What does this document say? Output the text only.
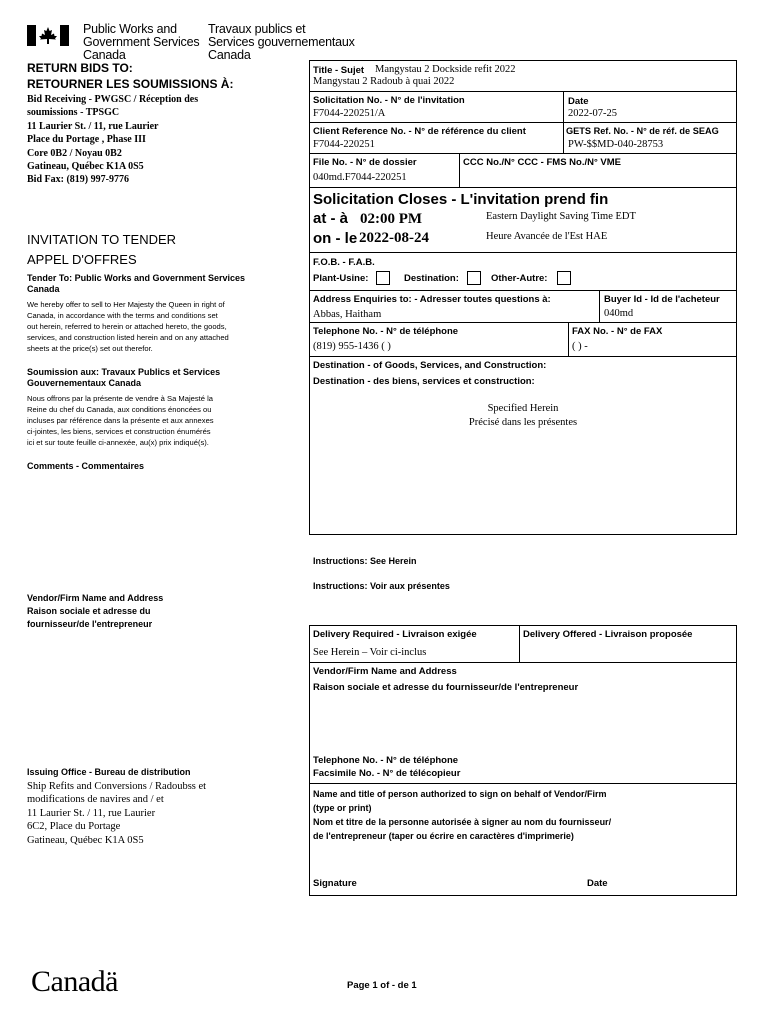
Public Works and
Government Services
Canada
Travaux publics et
Services gouvernementaux
Canada
RETURN BIDS TO:
RETOURNER LES SOUMISSIONS À:
Bid Receiving - PWGSC / Réception des
soumissions - TPSGC
11 Laurier St. / 11, rue Laurier
Place du Portage , Phase III
Core 0B2 / Noyau 0B2
Gatineau, Québec K1A 0S5
Bid Fax: (819) 997-9776
INVITATION TO TENDER
APPEL D'OFFRES
Tender To: Public Works and Government Services
Canada
We hereby offer to sell to Her Majesty the Queen in right of
Canada, in accordance with the terms and conditions set
out herein, referred to herein or attached hereto, the goods,
services, and construction listed herein and on any attached
sheets at the price(s) set out therefor.
Soumission aux: Travaux Publics et Services
Gouvernementaux Canada
Nous offrons par la présente de vendre à Sa Majesté la
Reine du chef du Canada, aux conditions énoncées ou
incluses par référence dans la présente et aux annexes
ci-jointes, les biens, services et construction énumérés
ici et sur toute feuille ci-annexée, au(x) prix indiqué(s).
Comments - Commentaires
Vendor/Firm Name and Address
Raison sociale et adresse du
fournisseur/de l'entrepreneur
Issuing Office - Bureau de distribution
Ship Refits and Conversions / Radoubss et
modifications de navires and / et
11 Laurier St. / 11, rue Laurier
6C2, Place du Portage
Gatineau, Québec K1A 0S5
Title - Sujet Mangystau 2 Dockside refit 2022
Mangystau 2 Radoub à quai 2022
Solicitation No. - N° de l'invitation
F7044-220251/A
Date
2022-07-25
Client Reference No. - N° de référence du client
F7044-220251
GETS Ref. No. - N° de réf. de SEAG
PW-$$MD-040-28753
File No. - N° de dossier
040md.F7044-220251
CCC No./N° CCC - FMS No./N° VME
Solicitation Closes - L'invitation prend fin
at - à 02:00 PM
on - le 2022-08-24
Eastern Daylight Saving Time EDT
Heure Avancée de l'Est HAE
F.O.B. - F.A.B.
Plant-Usine:	Destination:	Other-Autre:
Address Enquiries to: - Adresser toutes questions à:
Abbas, Haitham
Buyer Id - Id de l'acheteur
040md
Telephone No. - N° de téléphone
(819) 955-1436 ( )
FAX No. - N° de FAX
( ) -
Destination - of Goods, Services, and Construction:
Destination - des biens, services et construction:
Specified Herein
Précisé dans les présentes
Instructions: See Herein
Instructions: Voir aux présentes
Delivery Required - Livraison exigée
See Herein – Voir ci-inclus
Delivery Offered - Livraison proposée
Vendor/Firm Name and Address
Raison sociale et adresse du fournisseur/de l'entrepreneur
Telephone No. - N° de téléphone
Facsimile No. - N° de télécopieur
Name and title of person authorized to sign on behalf of Vendor/Firm
(type or print)
Nom et titre de la personne autorisée à signer au nom du fournisseur/
de l'entrepreneur (taper ou écrire en caractères d'imprimerie)
Signature	Date
Canadä	Page 1 of - de 1
